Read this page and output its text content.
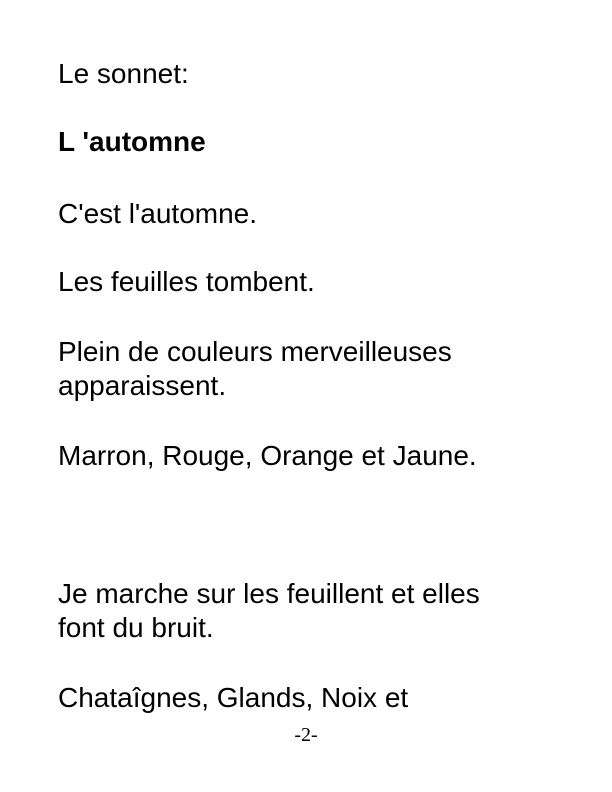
Le sonnet:
L 'automne
C'est l'automne.
Les feuilles tombent.
Plein de couleurs merveilleuses
apparaissent.
Marron, Rouge, Orange et Jaune.
Je marche sur les feuillent et elles
font du bruit.
Chataîgnes, Glands, Noix et
-2-
